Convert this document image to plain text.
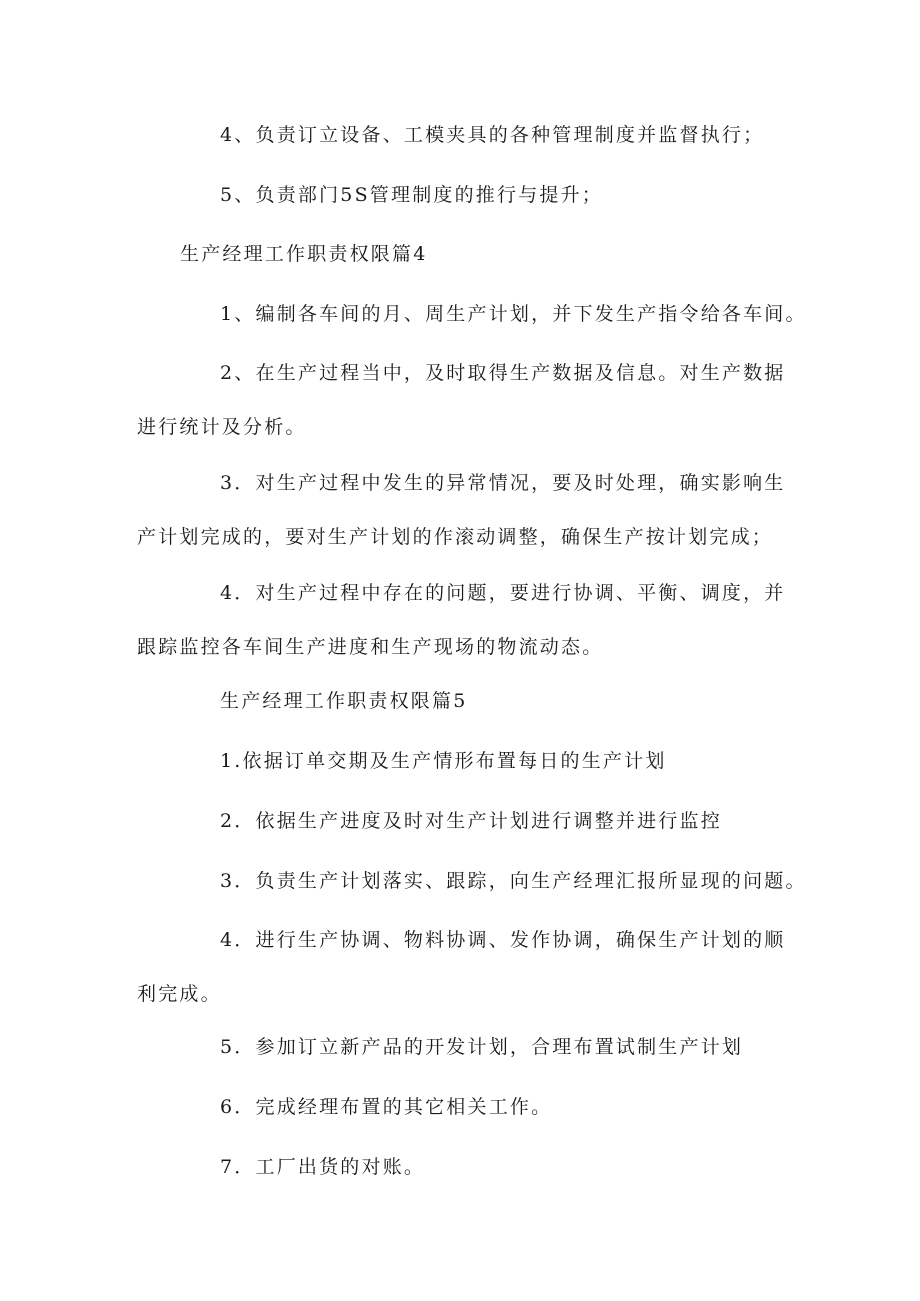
4、负责订立设备、工模夹具的各种管理制度并监督执行；
5、负责部门5S管理制度的推行与提升；
生产经理工作职责权限篇4
1、编制各车间的月、周生产计划，并下发生产指令给各车间。
2、在生产过程当中，及时取得生产数据及信息。对生产数据进行统计及分析。
3．对生产过程中发生的异常情况，要及时处理，确实影响生产计划完成的，要对生产计划的作滚动调整，确保生产按计划完成；
4．对生产过程中存在的问题，要进行协调、平衡、调度，并跟踪监控各车间生产进度和生产现场的物流动态。
生产经理工作职责权限篇5
1.依据订单交期及生产情形布置每日的生产计划
2．依据生产进度及时对生产计划进行调整并进行监控
3．负责生产计划落实、跟踪，向生产经理汇报所显现的问题。
4．进行生产协调、物料协调、发作协调，确保生产计划的顺利完成。
5．参加订立新产品的开发计划，合理布置试制生产计划
6．完成经理布置的其它相关工作。
7．工厂出货的对账。
